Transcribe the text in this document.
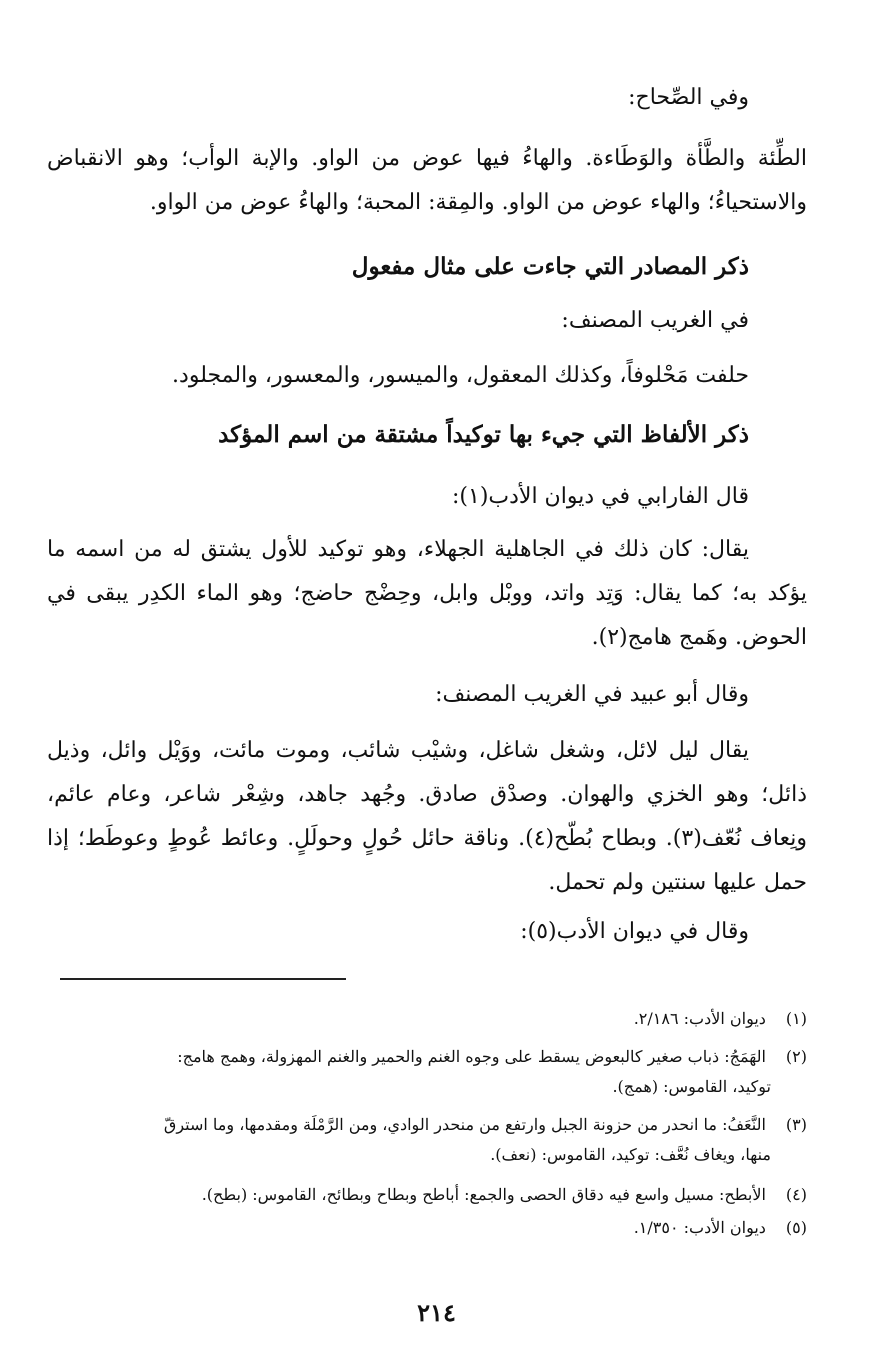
وفي الصِّحاح:
الطِّئة والطَّأة والوَطَاءة. والهاءُ فيها عوض من الواو. والإبة الوأب؛ وهو الانقباض والاستحياءُ؛ والهاء عوض من الواو. والمِقة: المحبة؛ والهاءُ عوض من الواو.
ذكر المصادر التي جاءت على مثال مفعول
في الغريب المصنف:
حلفت مَحْلوفاً، وكذلك المعقول، والميسور، والمعسور، والمجلود.
ذكر الألفاظ التي جيء بها توكيداً مشتقة من اسم المؤكد
قال الفارابي في ديوان الأدب(١):
يقال: كان ذلك في الجاهلية الجهلاء، وهو توكيد للأول يشتق له من اسمه ما يؤكد به؛ كما يقال: وَتِد واتد، ووبْل وابل، وحِضْج حاضج؛ وهو الماء الكدِر يبقى في الحوض. وهَمج هامج(٢).
وقال أبو عبيد في الغريب المصنف:
يقال ليل لائل، وشغل شاغل، وشيْب شائب، وموت مائت، ووَيْل وائل، وذيل ذائل؛ وهو الخزي والهوان. وصدْق صادق. وجُهد جاهد، وشِعْر شاعر، وعام عائم، ونِعاف نُعّف(٣). وبطاح بُطّح(٤). وناقة حائل حُولٍ وحولَلٍ. وعائط عُوطٍ وعوطَط؛ إذا حمل عليها سنتين ولم تحمل.
وقال في ديوان الأدب(٥):
(١) ديوان الأدب: ٢/١٨٦.
(٢) الهَمَجُ: ذباب صغير كالبعوض يسقط على وجوه الغنم والحمير والغنم المهزولة، وهمج هامج:
توكيد، القاموس: (همج).
(٣) النَّعَفُ: ما انحدر من حزونة الجبل وارتفع من منحدر الوادي، ومن الرَّمْلَة ومقدمها، وما استرقّ
منها، ويغاف نُعَّف: توكيد، القاموس: (نعف).
(٤) الأبطح: مسيل واسع فيه دقاق الحصى والجمع: أباطح وبطاح وبطائح، القاموس: (بطح).
(٥) ديوان الأدب: ١/٣٥٠.
٢١٤
